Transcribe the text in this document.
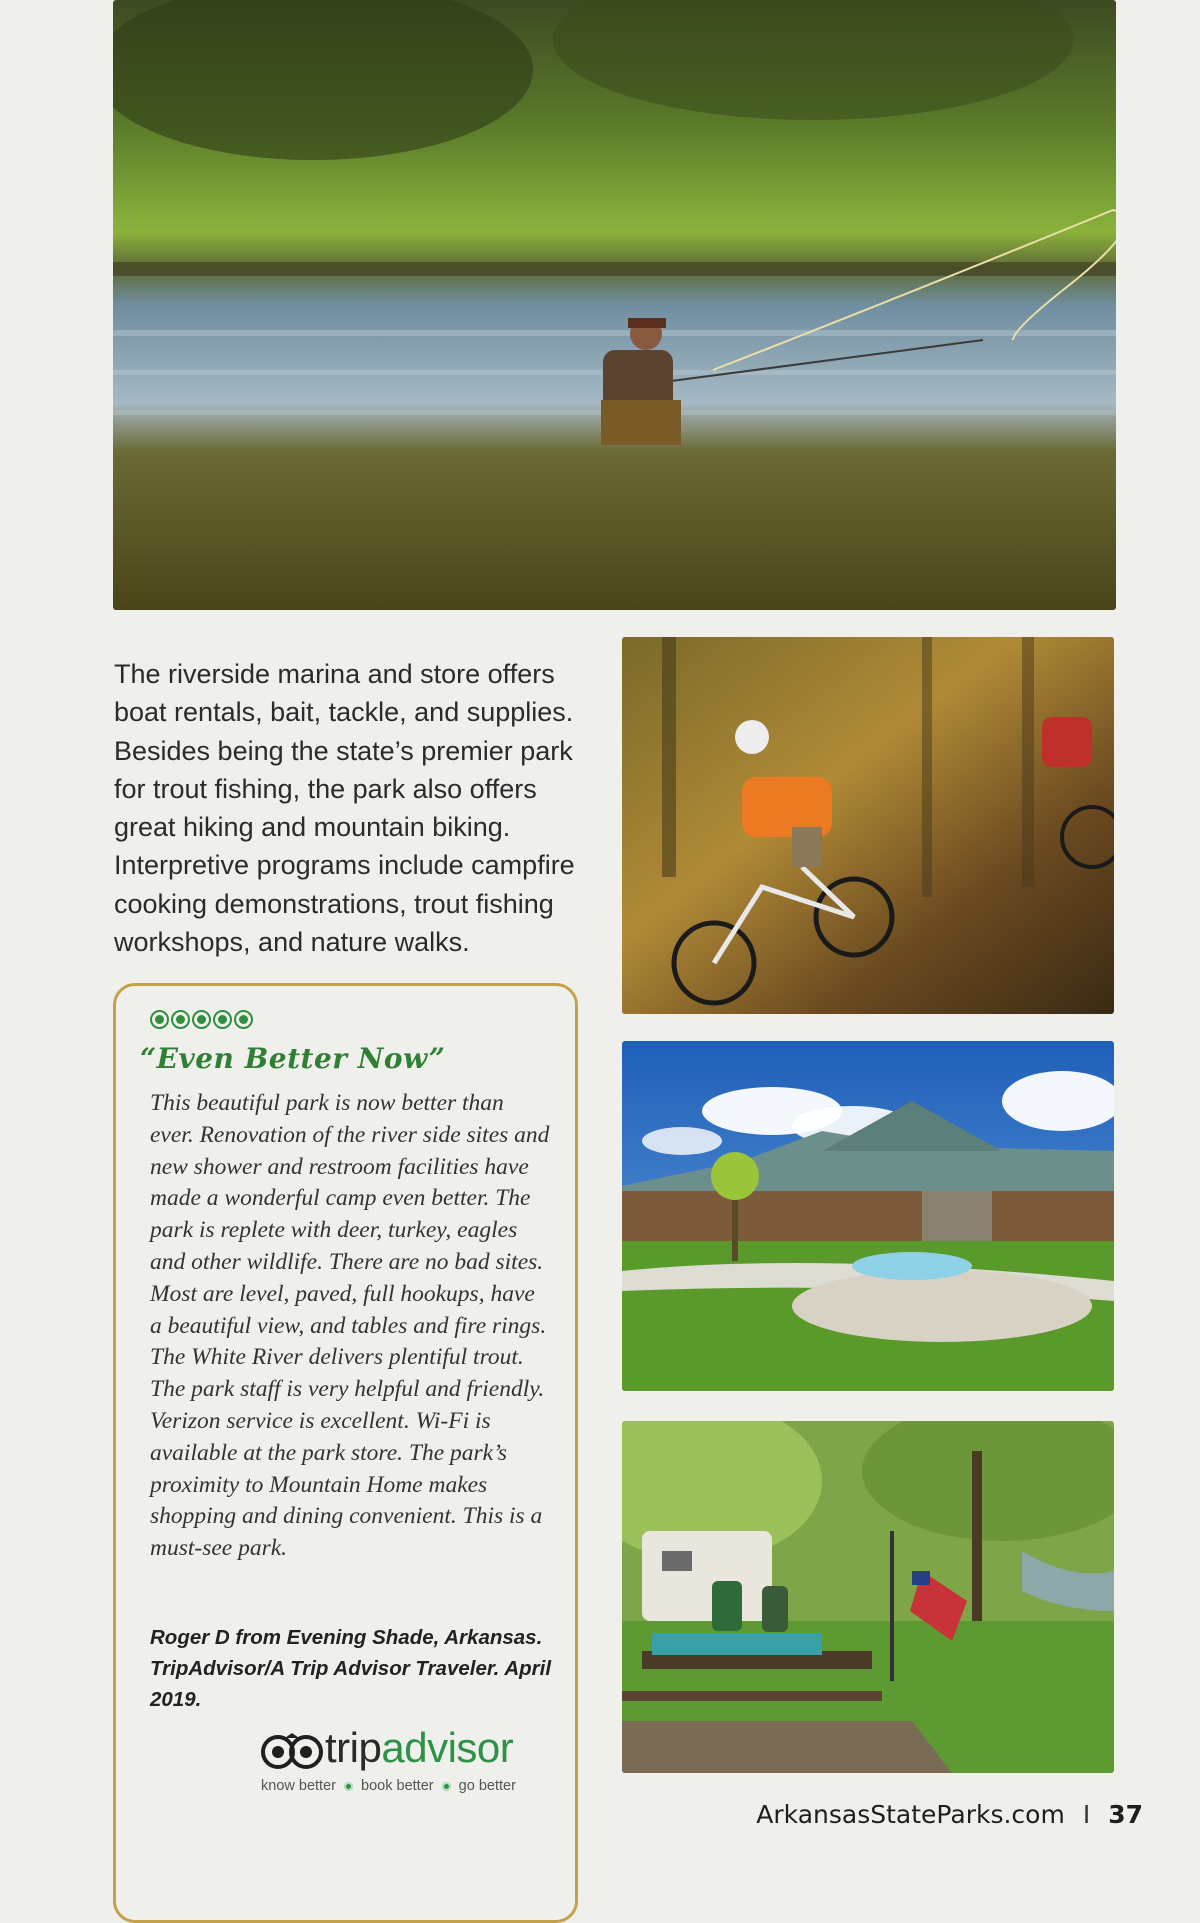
The riverside marina and store offers boat rentals, bait, tackle, and supplies. Besides being the state’s premier park for trout fishing, the park also offers great hiking and mountain biking. Interpretive programs include campfire cooking demonstrations, trout fishing workshops, and nature walks.

“Even Better Now”

This beautiful park is now better than ever. Renovation of the river side sites and new shower and restroom facilities have made a wonderful camp even better. The park is replete with deer, turkey, eagles and other wildlife. There are no bad sites. Most are level, paved, full hookups, have a beautiful view, and tables and fire rings. The White River delivers plentiful trout. The park staff is very helpful and friendly. Verizon service is excellent. Wi-Fi is available at the park store. The park’s proximity to Mountain Home makes shopping and dining convenient. This is a must-see park.

Roger D from Evening Shade, Arkansas. TripAdvisor/A Trip Advisor Traveler. April 2019.

tripadvisor
know better book better go better
ArkansasStateParks.com I 37
